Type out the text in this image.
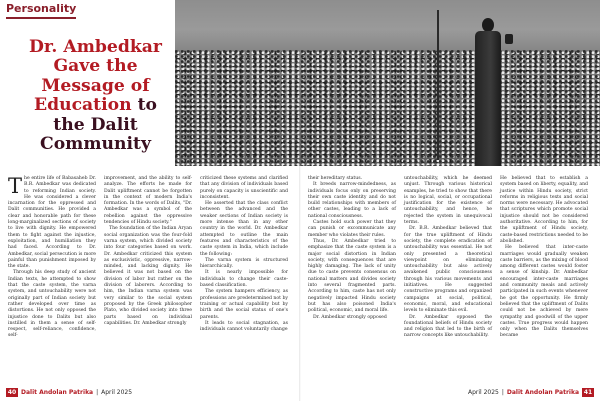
Personality
Dr. Ambedkar
Gave the
Message of
Education to
the Dalit
Community

The entire life of Babasaheb Dr. B.R. Ambedkar was dedicated to reforming Indian society. He was considered a clever incarnation for the oppressed and Dalit communities. He provided a clear and honorable path for these long-marginalized sections of society to live with dignity. He empowered them to fight against the injustice, exploitation, and humiliation they had faced. According to Dr. Ambedkar, social persecution is more painful than punishment imposed by the state.

Through his deep study of ancient Indian texts, he attempted to show that the caste system, the varna system, and untouchability were not originally part of Indian society but rather developed over time as distortions. He not only opposed the injustice done to Dalits but also instilled in them a sense of self-respect, self-reliance, confidence, self-

improvement, and the ability to self-analyze. The efforts he made for Dalit upliftment cannot be forgotten in the context of modern India's formation. In the words of Dalits, "Dr. Ambedkar was a symbol of the rebellion against the oppressive tendencies of Hindu society."

The foundation of the Indian Aryan social organization was the four-fold varna system, which divided society into four categories based on work. Dr. Ambedkar criticized this system as exclusivistic, oppressive, narrow-minded, and lacking dignity. He believed it was not based on the division of labor but rather on the division of laborers. According to him, the Indian varna system was very similar to the social system proposed by the Greek philosopher Plato, who divided society into three parts based on individual capabilities. Dr. Ambedkar strongly

criticized these systems and clarified that any division of individuals based purely on capacity is unscientific and inconsistent.

He asserted that the class conflict between the advanced and the weaker sections of Indian society is more intense than in any other country in the world. Dr. Ambedkar attempted to outline the main features and characteristics of the caste system in India, which include the following:

The varna system is structured hierarchically.

It is nearly impossible for individuals to change their caste-based classification.

The system hampers efficiency, as professions are predetermined not by training or actual capability but by birth and the social status of one's parents.

It leads to social stagnation, as individuals cannot voluntarily change

their hereditary status.

It breeds narrow-mindedness, as individuals focus only on preserving their own caste identity and do not build relationships with members of other castes, leading to a lack of national consciousness.

Castes hold such power that they can punish or excommunicate any member who violates their rules.

Thus, Dr. Ambedkar tried to emphasize that the caste system is a major social distortion in Indian society, with consequences that are highly damaging. The lack of unity due to caste prevents consensus on national matters and divides society into several fragmented parts. According to him, caste has not only negatively impacted Hindu society but has also poisoned India's political, economic, and moral life.

Dr. Ambedkar strongly opposed

untouchability, which he deemed unjust. Through various historical examples, he tried to show that there is no logical, social, or occupational justification for the existence of untouchability, and hence, he rejected the system in unequivocal terms.

Dr. B.R. Ambedkar believed that for the true upliftment of Hindu society, the complete eradication of untouchability was essential. He not only presented a theoretical viewpoint on eliminating untouchability but also actively awakened public consciousness through his various movements and initiatives. He suggested constructive programs and organized campaigns at social, political, economic, moral, and educational levels to eliminate this evil.

Dr. Ambedkar opposed the foundational beliefs of Hindu society and religion that led to the birth of narrow concepts like untouchability.

He believed that to establish a system based on liberty, equality, and justice within Hindu society, strict reforms in religious texts and social norms were necessary. He advocated that scriptures which promote social injustice should not be considered authoritative. According to him, for the upliftment of Hindu society, caste-based restrictions needed to be abolished.

He believed that inter-caste marriages would gradually weaken caste barriers, as the mixing of blood among different castes would foster a sense of kinship. Dr. Ambedkar encouraged inter-caste marriages and community meals and actively participated in such events whenever he got the opportunity. He firmly believed that the upliftment of Dalits could not be achieved by mere sympathy and goodwill of the upper castes. True progress would happen only when the Dalits themselves became

40 Dalit Andolan Patrika | April 2025	April 2025 | Dalit Andolan Patrika 41
